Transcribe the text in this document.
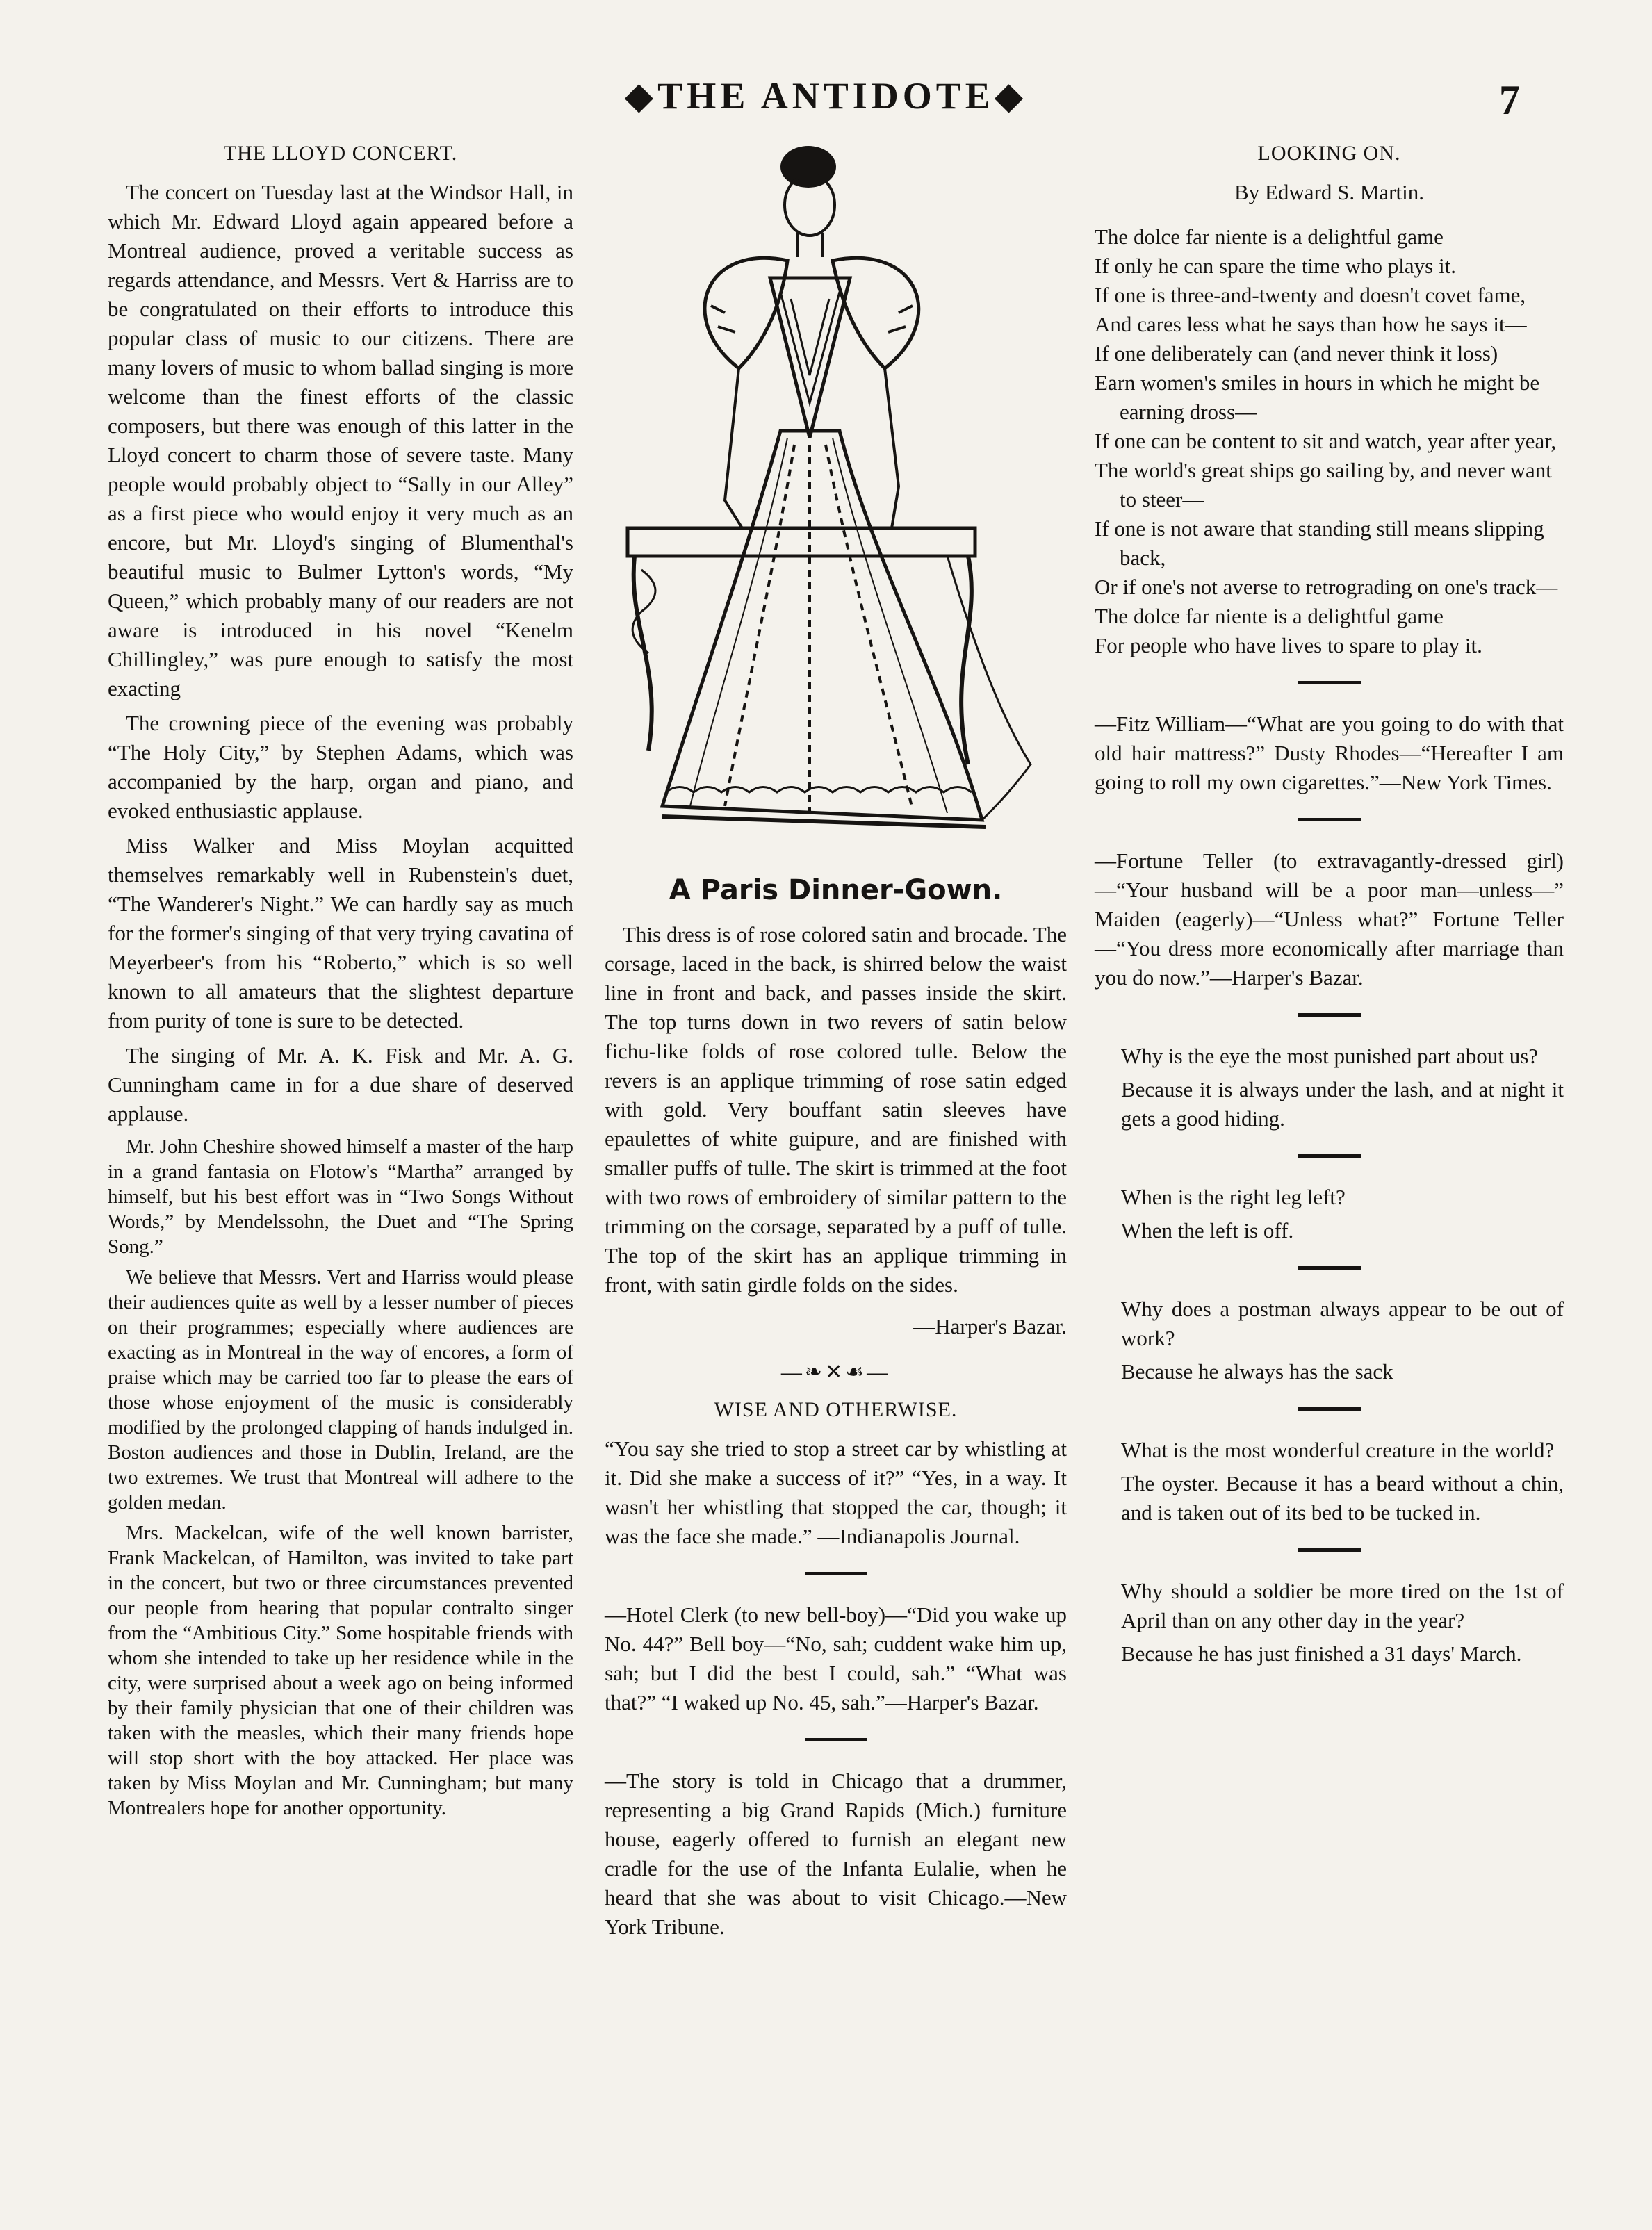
◆THE ANTIDOTE◆	7
THE LLOYD CONCERT.

The concert on Tuesday last at the Windsor Hall, in which Mr. Edward Lloyd again appeared before a Montreal audience, proved a veritable success as regards attendance, and Messrs. Vert & Harriss are to be congratulated on their efforts to introduce this popular class of music to our citizens. There are many lovers of music to whom ballad singing is more welcome than the finest efforts of the classic composers, but there was enough of this latter in the Lloyd concert to charm those of severe taste. Many people would probably object to “Sally in our Alley” as a first piece who would enjoy it very much as an encore, but Mr. Lloyd's singing of Blumenthal's beautiful music to Bulmer Lytton's words, “My Queen,” which probably many of our readers are not aware is introduced in his novel “Kenelm Chillingley,” was pure enough to satisfy the most exacting

The crowning piece of the evening was probably “The Holy City,” by Stephen Adams, which was accompanied by the harp, organ and piano, and evoked enthusiastic applause.

Miss Walker and Miss Moylan acquitted themselves remarkably well in Rubenstein's duet, “The Wanderer's Night.” We can hardly say as much for the former's singing of that very trying cavatina of Meyerbeer's from his “Roberto,” which is so well known to all amateurs that the slightest departure from purity of tone is sure to be detected.

The singing of Mr. A. K. Fisk and Mr. A. G. Cunningham came in for a due share of deserved applause.

Mr. John Cheshire showed himself a master of the harp in a grand fantasia on Flotow's “Martha” arranged by himself, but his best effort was in “Two Songs Without Words,” by Mendelssohn, the Duet and “The Spring Song.”

We believe that Messrs. Vert and Harriss would please their audiences quite as well by a lesser number of pieces on their programmes; especially where audiences are exacting as in Montreal in the way of encores, a form of praise which may be carried too far to please the ears of those whose enjoyment of the music is considerably modified by the prolonged clapping of hands indulged in. Boston audiences and those in Dublin, Ireland, are the two extremes. We trust that Montreal will adhere to the golden medan.

Mrs. Mackelcan, wife of the well known barrister, Frank Mackelcan, of Hamilton, was invited to take part in the concert, but two or three circumstances prevented our people from hearing that popular contralto singer from the “Ambitious City.” Some hospitable friends with whom she intended to take up her residence while in the city, were surprised about a week ago on being informed by their family physician that one of their children was taken with the measles, which their many friends hope will stop short with the boy attacked. Her place was taken by Miss Moylan and Mr. Cunningham; but many Montrealers hope for another opportunity.

A Paris Dinner-Gown.

This dress is of rose colored satin and brocade. The corsage, laced in the back, is shirred below the waist line in front and back, and passes inside the skirt. The top turns down in two revers of satin below fichu-like folds of rose colored tulle. Below the revers is an applique trimming of rose satin edged with gold. Very bouffant satin sleeves have epaulettes of white guipure, and are finished with smaller puffs of tulle. The skirt is trimmed at the foot with two rows of embroidery of similar pattern to the trimming on the corsage, separated by a puff of tulle. The top of the skirt has an applique trimming in front, with satin girdle folds on the sides.

—Harper's Bazar.
—❧✕☙—
WISE AND OTHERWISE.

“You say she tried to stop a street car by whistling at it. Did she make a success of it?” “Yes, in a way. It wasn't her whistling that stopped the car, though; it was the face she made.” —Indianapolis Journal.

—Hotel Clerk (to new bell-boy)—“Did you wake up No. 44?” Bell boy—“No, sah; cuddent wake him up, sah; but I did the best I could, sah.” “What was that?” “I waked up No. 45, sah.”—Harper's Bazar.

—The story is told in Chicago that a drummer, representing a big Grand Rapids (Mich.) furniture house, eagerly offered to furnish an elegant new cradle for the use of the Infanta Eulalie, when he heard that she was about to visit Chicago.—New York Tribune.

LOOKING ON.
By Edward S. Martin.
The dolce far niente is a delightful game
If only he can spare the time who plays it.
If one is three-and-twenty and doesn't covet fame,
And cares less what he says than how he says it—
If one deliberately can (and never think it loss)
Earn women's smiles in hours in which he might be earning dross—
If one can be content to sit and watch, year after year,
The world's great ships go sailing by, and never want to steer—
If one is not aware that standing still means slipping back,
Or if one's not averse to retrograding on one's track—
The dolce far niente is a delightful game
For people who have lives to spare to play it.

—Fitz William—“What are you going to do with that old hair mattress?” Dusty Rhodes—“Hereafter I am going to roll my own cigarettes.”—New York Times.

—Fortune Teller (to extravagantly-dressed girl)—“Your husband will be a poor man—unless—” Maiden (eagerly)—“Unless what?” Fortune Teller—“You dress more economically after marriage than you do now.”—Harper's Bazar.

Why is the eye the most punished part about us?

Because it is always under the lash, and at night it gets a good hiding.

When is the right leg left?

When the left is off.

Why does a postman always appear to be out of work?

Because he always has the sack

What is the most wonderful creature in the world?

The oyster. Because it has a beard without a chin, and is taken out of its bed to be tucked in.

Why should a soldier be more tired on the 1st of April than on any other day in the year?

Because he has just finished a 31 days' March.
